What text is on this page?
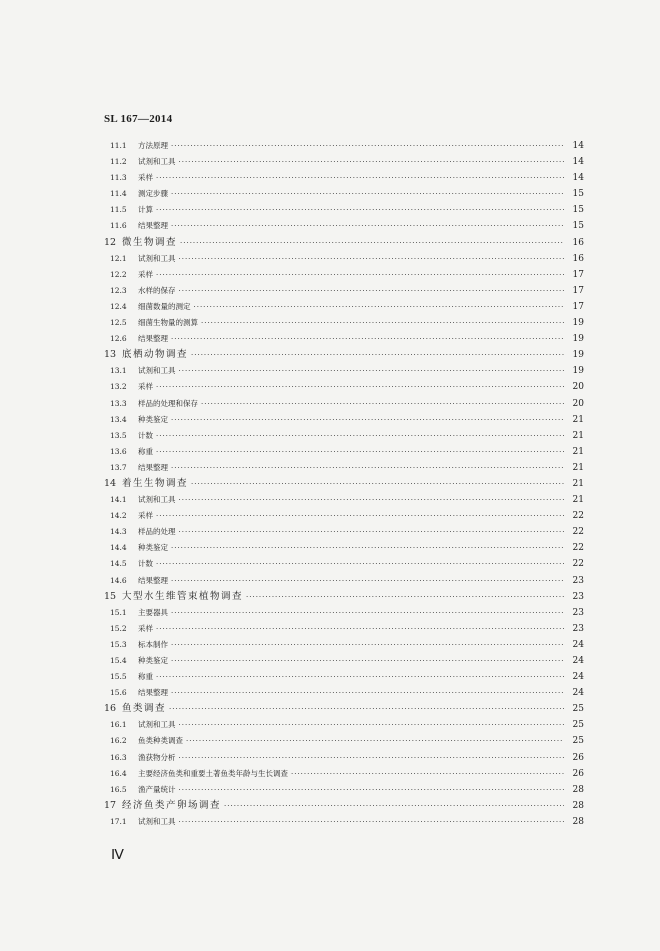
SL 167—2014
11.1	方法原理 ·····	14
11.2	试剂和工具 ·····	14
11.3	采样 ·····	14
11.4	测定步骤 ·····	15
11.5	计算 ·····	15
11.6	结果整理 ·····	15
12 微生物调查 ·····	16
12.1	试剂和工具 ·····	16
12.2	采样 ·····	17
12.3	水样的保存 ·····	17
12.4	细菌数量的测定 ·····	17
12.5	细菌生物量的测算 ·····	19
12.6	结果整理 ·····	19
13 底栖动物调查 ·····	19
13.1	试剂和工具 ·····	19
13.2	采样 ·····	20
13.3	样品的处理和保存 ·····	20
13.4	种类鉴定 ·····	21
13.5	计数 ·····	21
13.6	称重 ·····	21
13.7	结果整理 ·····	21
14 着生生物调查 ·····	21
14.1	试剂和工具 ·····	21
14.2	采样 ·····	22
14.3	样品的处理 ·····	22
14.4	种类鉴定 ·····	22
14.5	计数 ·····	22
14.6	结果整理 ·····	23
15 大型水生维管束植物调查 ·····	23
15.1	主要器具 ·····	23
15.2	采样 ·····	23
15.3	标本制作 ·····	24
15.4	种类鉴定 ·····	24
15.5	称重 ·····	24
15.6	结果整理 ·····	24
16 鱼类调查 ·····	25
16.1	试剂和工具 ·····	25
16.2	鱼类种类调查 ·····	25
16.3	渔获物分析 ·····	26
16.4	主要经济鱼类和重要土著鱼类年龄与生长调查 ·····	26
16.5	渔产量统计 ·····	28
17 经济鱼类产卵场调查 ·····	28
17.1	试剂和工具 ·····	28
Ⅳ
